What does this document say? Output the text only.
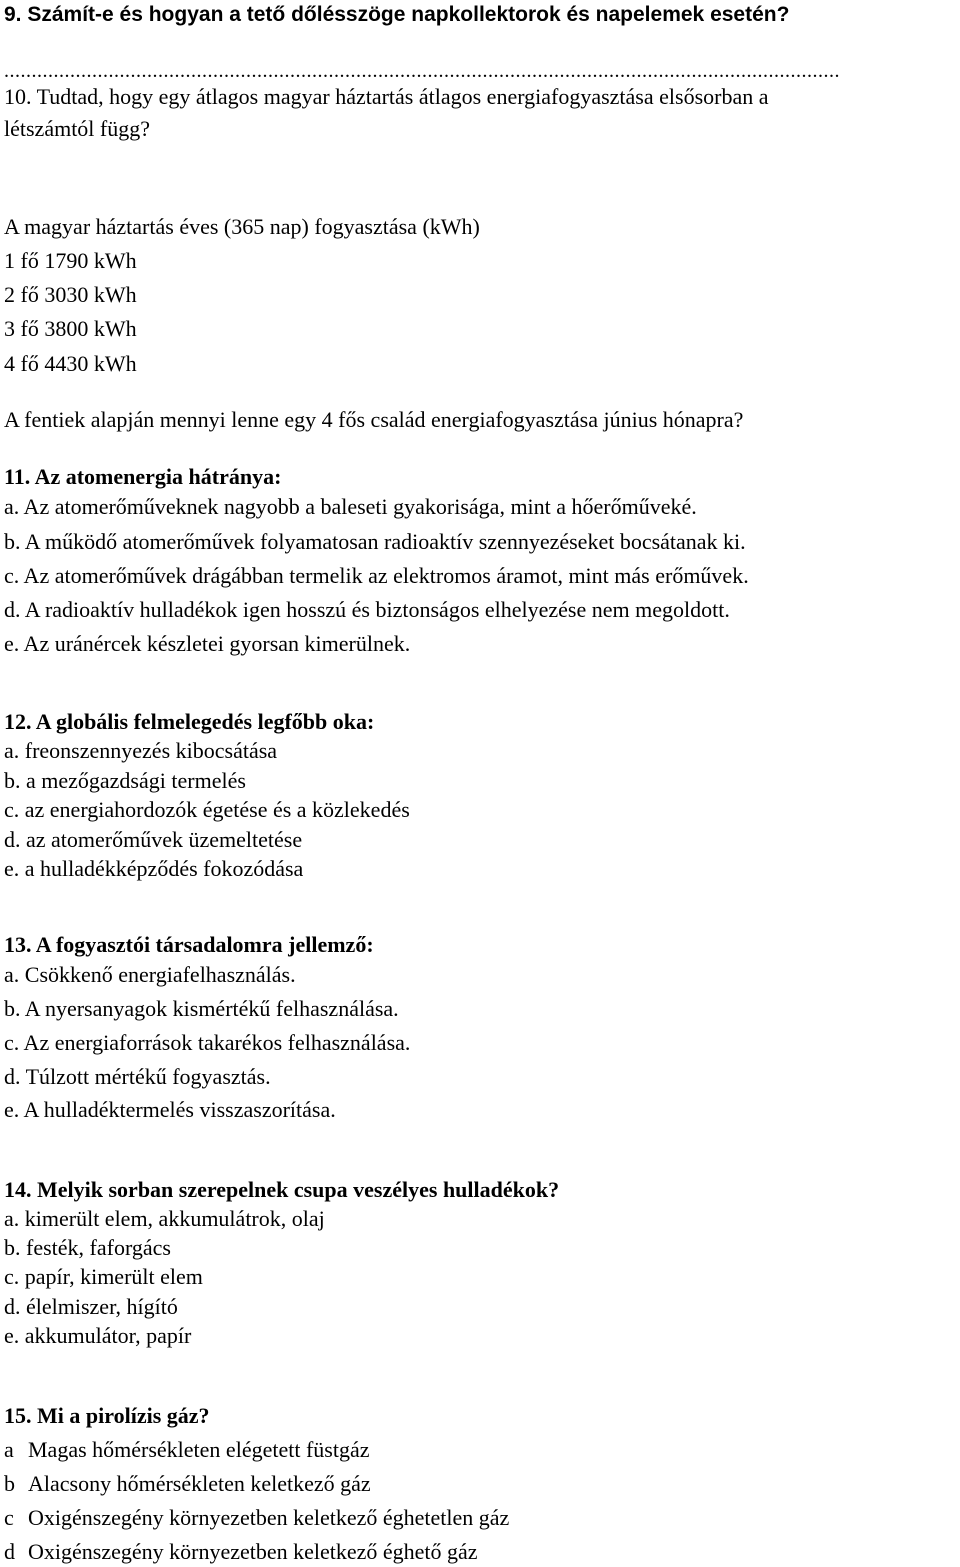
9. Számít-e és hogyan a tető dőlésszöge napkollektorok és napelemek esetén?
........................................................................................................................................................
10. Tudtad, hogy egy átlagos magyar háztartás átlagos energiafogyasztása elsősorban a
létszámtól függ?
A magyar háztartás éves (365 nap) fogyasztása (kWh)
1 fő 1790 kWh
2 fő 3030 kWh
3 fő 3800 kWh
4 fő 4430 kWh
A fentiek alapján mennyi lenne egy 4 fős család energiafogyasztása június hónapra?
11. Az atomenergia hátránya:
a. Az atomerőműveknek nagyobb a baleseti gyakorisága, mint a hőerőműveké.
b. A működő atomerőművek folyamatosan radioaktív szennyezéseket bocsátanak ki.
c. Az atomerőművek drágábban termelik az elektromos áramot, mint más erőművek.
d. A radioaktív hulladékok igen hosszú és biztonságos elhelyezése nem megoldott.
e. Az uránércek készletei gyorsan kimerülnek.
12. A globális felmelegedés legfőbb oka:
a. freonszennyezés kibocsátása
b. a mezőgazdsági termelés
c. az energiahordozók égetése és a közlekedés
d. az atomerőművek üzemeltetése
e. a hulladékképződés fokozódása
13. A fogyasztói társadalomra jellemző:
a. Csökkenő energiafelhasználás.
b. A nyersanyagok kismértékű felhasználása.
c. Az energiaforrások takarékos felhasználása.
d. Túlzott mértékű fogyasztás.
e. A hulladéktermelés visszaszorítása.
14. Melyik sorban szerepelnek csupa veszélyes hulladékok?
a. kimerült elem, akkumulátrok, olaj
b. festék, faforgács
c. papír, kimerült elem
d. élelmiszer, hígító
e. akkumulátor, papír
15. Mi a pirolízis gáz?
a Magas hőmérsékleten elégetett füstgáz
b Alacsony hőmérsékleten keletkező gáz
c Oxigénszegény környezetben keletkező éghetetlen gáz
d Oxigénszegény környezetben keletkező éghető gáz
